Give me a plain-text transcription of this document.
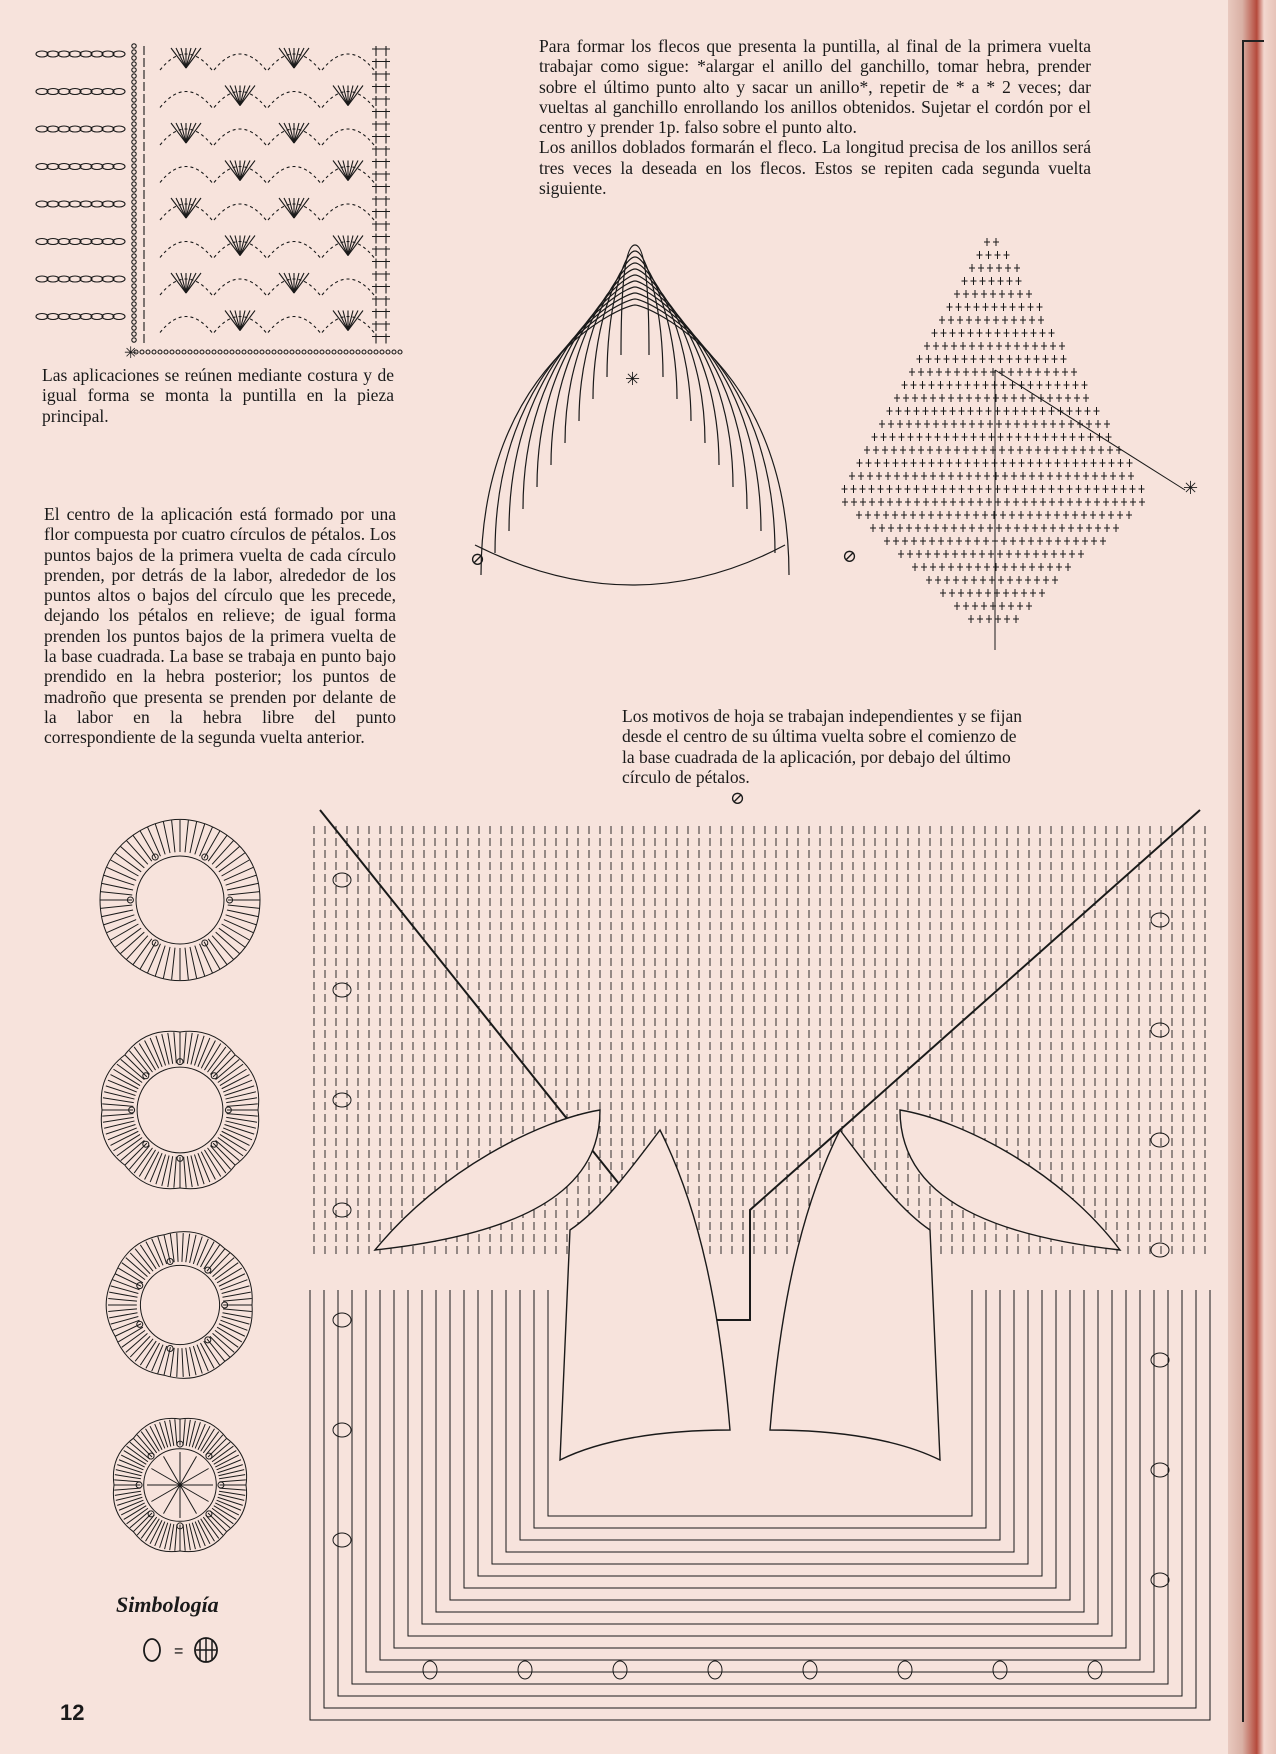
Para formar los flecos que presenta la puntilla, al final de la primera vuelta trabajar como sigue: *alargar el anillo del ganchillo, tomar hebra, prender sobre el último punto alto y sacar un anillo*, repetir de * a * 2 veces; dar vueltas al ganchillo enrollando los anillos obtenidos. Sujetar el cordón por el centro y prender 1p. falso sobre el punto alto.

Los anillos doblados formarán el fleco. La longitud precisa de los anillos será tres veces la deseada en los flecos. Estos se repiten cada segunda vuelta siguiente.

Las aplicaciones se reúnen mediante costura y de igual forma se monta la puntilla en la pieza principal.

El centro de la aplicación está formado por una flor compuesta por cuatro círculos de pétalos. Los puntos bajos de la primera vuelta de cada círculo prenden, por detrás de la labor, alrededor de los puntos altos o bajos del círculo que les precede, dejando los pétalos en relieve; de igual forma prenden los puntos bajos de la primera vuelta de la base cuadrada. La base se trabaja en punto bajo prendido en la hebra posterior; los puntos de madroño que presenta se prenden por delante de la labor en la hebra libre del punto correspondiente de la segunda vuelta anterior.

Los motivos de hoja se trabajan independientes y se fijan desde el centro de su última vuelta sobre el comienzo de la base cuadrada de la aplicación, por debajo del último círculo de pétalos.

✳
✳
⊘
✳
⊘
⊘
Simbología
=
12
